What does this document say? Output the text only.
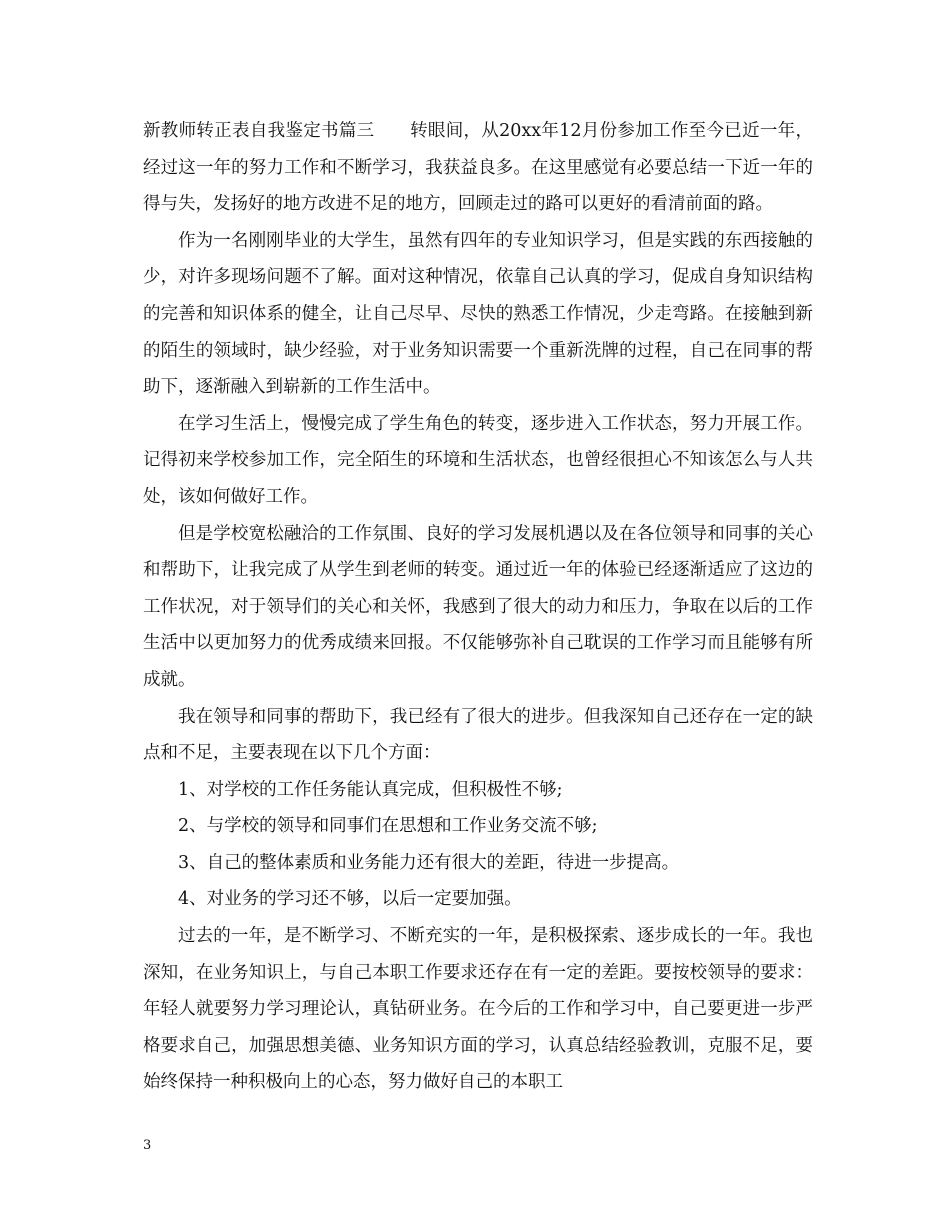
新教师转正表自我鉴定书篇三　　转眼间，从20xx年12月份参加工作至今已近一年，经过这一年的努力工作和不断学习，我获益良多。在这里感觉有必要总结一下近一年的得与失，发扬好的地方改进不足的地方，回顾走过的路可以更好的看清前面的路。

作为一名刚刚毕业的大学生，虽然有四年的专业知识学习，但是实践的东西接触的少，对许多现场问题不了解。面对这种情况，依靠自己认真的学习，促成自身知识结构的完善和知识体系的健全，让自己尽早、尽快的熟悉工作情况，少走弯路。在接触到新的陌生的领域时，缺少经验，对于业务知识需要一个重新洗牌的过程，自己在同事的帮助下，逐渐融入到崭新的工作生活中。

在学习生活上，慢慢完成了学生角色的转变，逐步进入工作状态，努力开展工作。 记得初来学校参加工作，完全陌生的环境和生活状态，也曾经很担心不知该怎么与人共处，该如何做好工作。

但是学校宽松融洽的工作氛围、良好的学习发展机遇以及在各位领导和同事的关心和帮助下，让我完成了从学生到老师的转变。通过近一年的体验已经逐渐适应了这边的工作状况，对于领导们的关心和关怀，我感到了很大的动力和压力，争取在以后的工作生活中以更加努力的优秀成绩来回报。不仅能够弥补自己耽误的工作学习而且能够有所成就。

我在领导和同事的帮助下，我已经有了很大的进步。但我深知自己还存在一定的缺点和不足，主要表现在以下几个方面：

1、对学校的工作任务能认真完成，但积极性不够;

2、与学校的领导和同事们在思想和工作业务交流不够;

3、自己的整体素质和业务能力还有很大的差距，待进一步提高。

4、对业务的学习还不够，以后一定要加强。

过去的一年，是不断学习、不断充实的一年，是积极探索、逐步成长的一年。我也深知，在业务知识上，与自己本职工作要求还存在有一定的差距。要按校领导的要求：年轻人就要努力学习理论认，真钻研业务。在今后的工作和学习中，自己要更进一步严格要求自己，加强思想美德、业务知识方面的学习，认真总结经验教训，克服不足，要始终保持一种积极向上的心态，努力做好自己的本职工

3
